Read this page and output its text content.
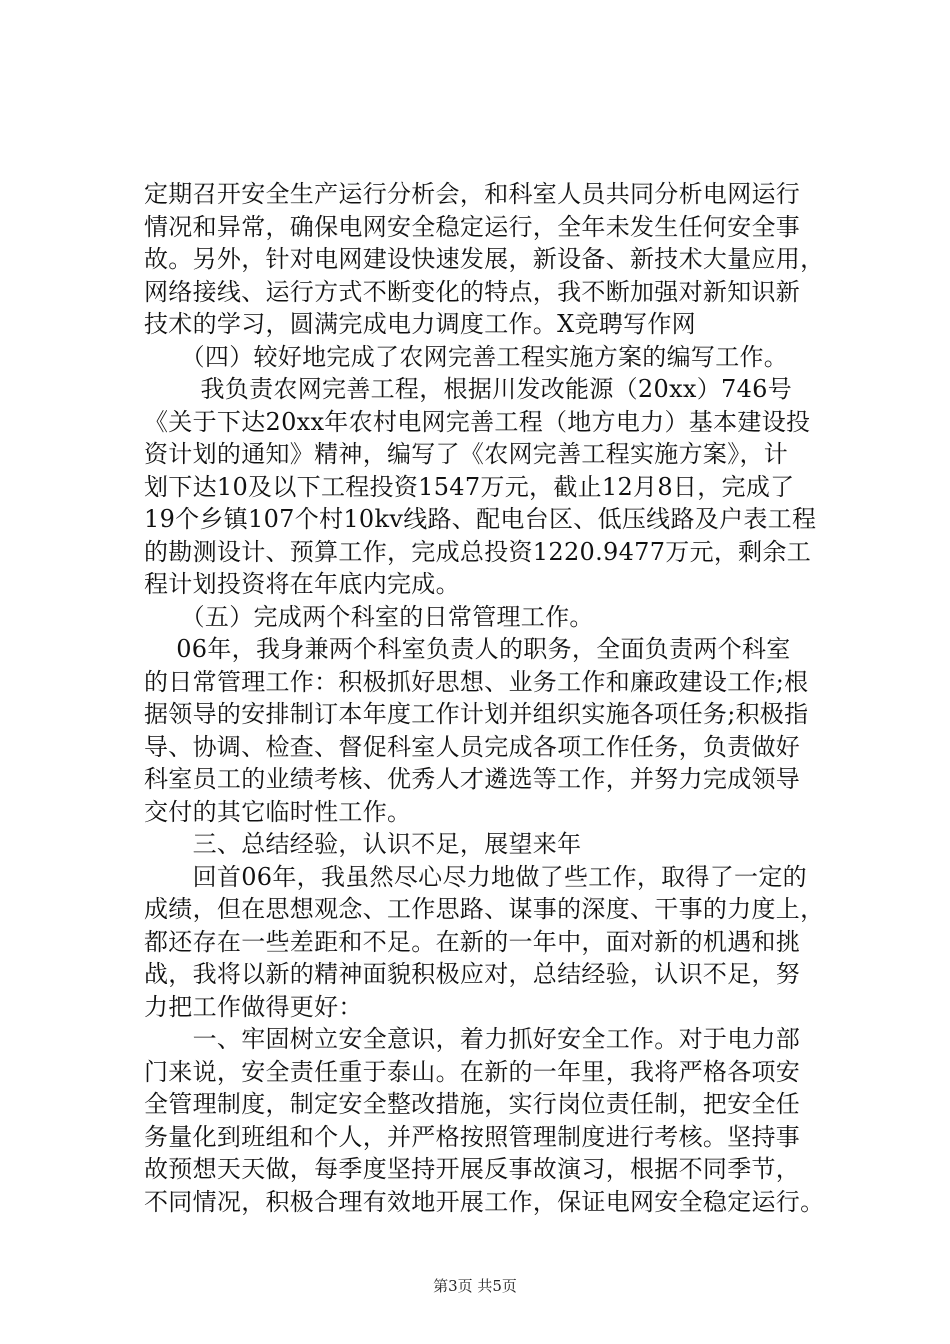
定期召开安全生产运行分析会，和科室人员共同分析电网运行
情况和异常，确保电网安全稳定运行，全年未发生任何安全事
故。另外，针对电网建设快速发展，新设备、新技术大量应用，
网络接线、运行方式不断变化的特点，我不断加强对新知识新
技术的学习，圆满完成电力调度工作。X竞聘写作网
　　（四）较好地完成了农网完善工程实施方案的编写工作。
　　 我负责农网完善工程，根据川发改能源（20xx）746号
《关于下达20xx年农村电网完善工程（地方电力）基本建设投
资计划的通知》精神，编写了《农网完善工程实施方案》，计
划下达10及以下工程投资1547万元，截止12月8日，完成了
19个乡镇107个村10kv线路、配电台区、低压线路及户表工程
的勘测设计、预算工作，完成总投资1220.9477万元，剩余工
程计划投资将在年底内完成。
　　（五）完成两个科室的日常管理工作。
　 06年，我身兼两个科室负责人的职务，全面负责两个科室
的日常管理工作：积极抓好思想、业务工作和廉政建设工作;根
据领导的安排制订本年度工作计划并组织实施各项任务;积极指
导、协调、检查、督促科室人员完成各项工作任务，负责做好
科室员工的业绩考核、优秀人才遴选等工作，并努力完成领导
交付的其它临时性工作。
　　三、总结经验，认识不足，展望来年
　　回首06年，我虽然尽心尽力地做了些工作，取得了一定的
成绩，但在思想观念、工作思路、谋事的深度、干事的力度上，
都还存在一些差距和不足。在新的一年中，面对新的机遇和挑
战，我将以新的精神面貌积极应对，总结经验，认识不足，努
力把工作做得更好：
　　一、牢固树立安全意识，着力抓好安全工作。对于电力部
门来说，安全责任重于泰山。在新的一年里，我将严格各项安
全管理制度，制定安全整改措施，实行岗位责任制，把安全任
务量化到班组和个人，并严格按照管理制度进行考核。坚持事
故预想天天做，每季度坚持开展反事故演习，根据不同季节，
不同情况，积极合理有效地开展工作，保证电网安全稳定运行。
第3页 共5页
